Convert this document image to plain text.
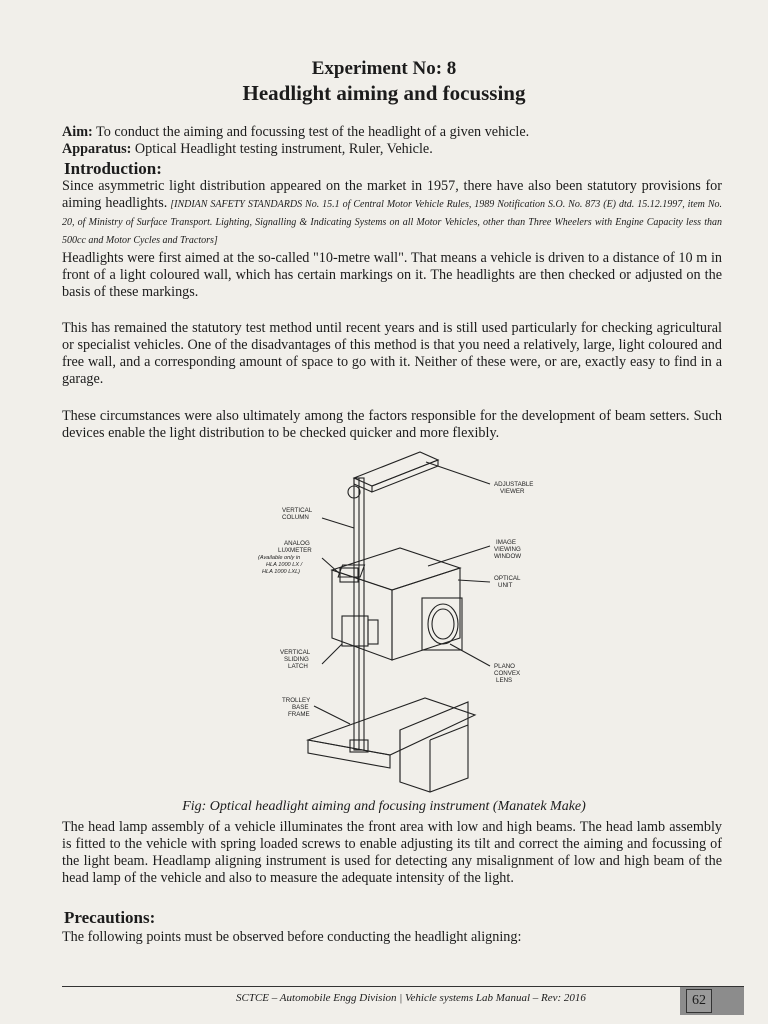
Experiment No: 8
Headlight aiming and focussing
Aim: To conduct the aiming and focussing test of the headlight of a given vehicle.
Apparatus: Optical Headlight testing instrument, Ruler, Vehicle.
Introduction:
Since asymmetric light distribution appeared on the market in 1957, there have also been statutory provisions for aiming headlights. [INDIAN SAFETY STANDARDS No. 15.1 of Central Motor Vehicle Rules, 1989 Notification S.O. No. 873 (E) dtd. 15.12.1997, item No. 20, of Ministry of Surface Transport. Lighting, Signalling & Indicating Systems on all Motor Vehicles, other than Three Wheelers with Engine Capacity less than 500cc and Motor Cycles and Tractors]
Headlights were first aimed at the so-called "10-metre wall". That means a vehicle is driven to a distance of 10 m in front of a light coloured wall, which has certain markings on it. The headlights are then checked or adjusted on the basis of these markings.
This has remained the statutory test method until recent years and is still used particularly for checking agricultural or specialist vehicles. One of the disadvantages of this method is that you need a relatively, large, light coloured and free wall, and a corresponding amount of space to go with it. Neither of these were, or are, exactly easy to find in a garage.
These circumstances were also ultimately among the factors responsible for the development of beam setters. Such devices enable the light distribution to be checked quicker and more flexibly.
ADJUSTABLE
VIEWER
VERTICAL
COLUMN
ANALOG
LUXMETER
(Available only in
HLA 1000 LX /
HLA 1000 LXL)
IMAGE
VIEWING
WINDOW
OPTICAL
UNIT
VERTICAL
SLIDING
LATCH	PLANO
CONVEX
LENS
TROLLEY
BASE
FRAME
Fig: Optical headlight aiming and focusing instrument (Manatek Make)
The head lamp assembly of a vehicle illuminates the front area with low and high beams. The head lamb assembly is fitted to the vehicle with spring loaded screws to enable adjusting its tilt and correct the aiming and focussing of the light beam. Headlamp aligning instrument is used for detecting any misalignment of low and high beam of the head lamp of the vehicle and also to measure the adequate intensity of the light.
Precautions:
The following points must be observed before conducting the headlight aligning:
SCTCE – Automobile Engg Division | Vehicle systems Lab Manual – Rev: 2016	62
